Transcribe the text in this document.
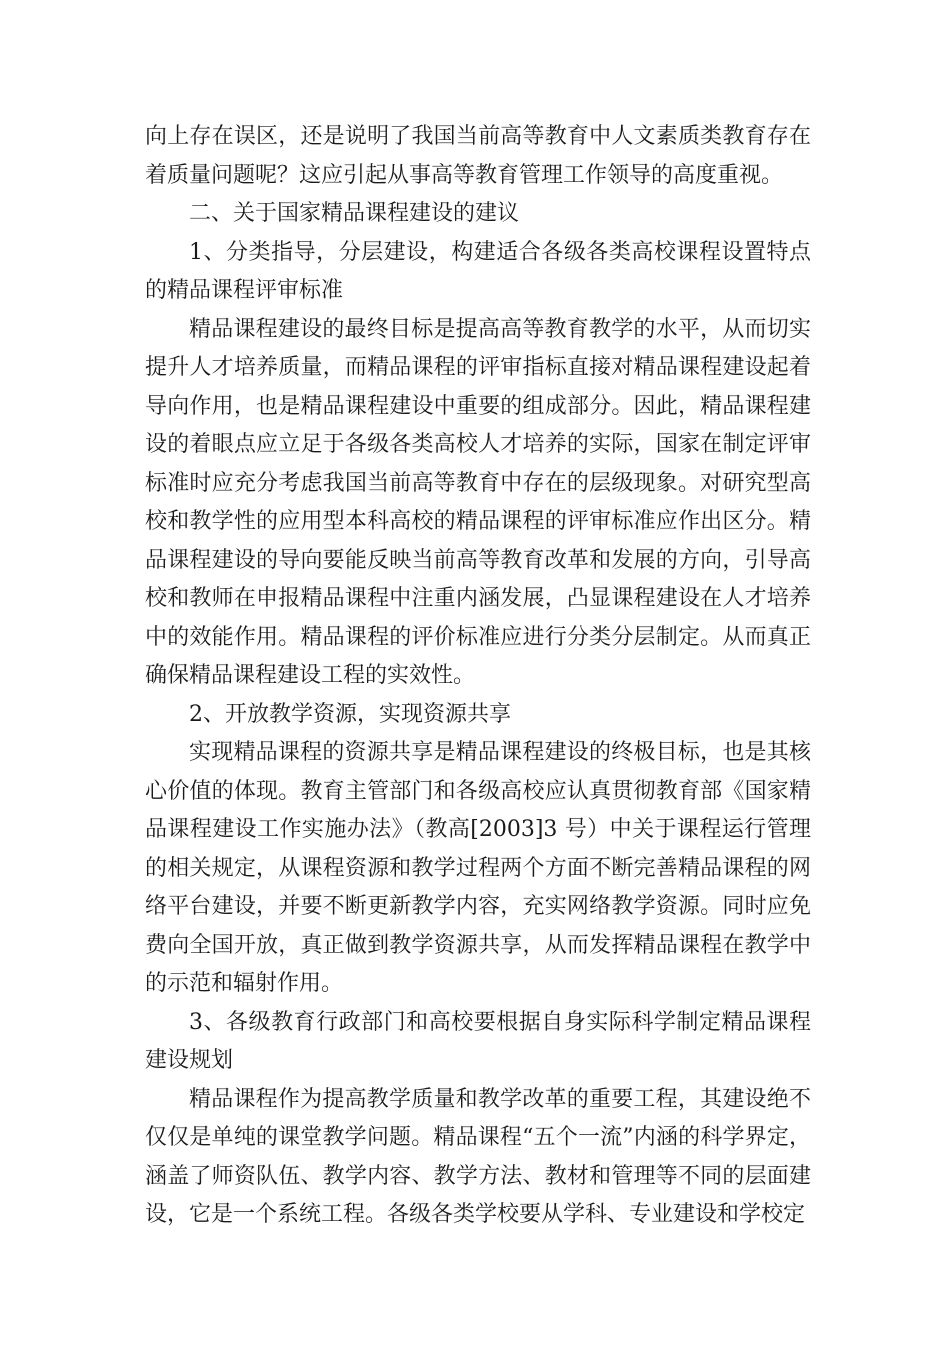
向上存在误区，还是说明了我国当前高等教育中人文素质类教育存在着质量问题呢？这应引起从事高等教育管理工作领导的高度重视。

二、关于国家精品课程建设的建议

1、分类指导，分层建设，构建适合各级各类高校课程设置特点的精品课程评审标准

精品课程建设的最终目标是提高高等教育教学的水平，从而切实提升人才培养质量，而精品课程的评审指标直接对精品课程建设起着导向作用，也是精品课程建设中重要的组成部分。因此，精品课程建设的着眼点应立足于各级各类高校人才培养的实际，国家在制定评审标准时应充分考虑我国当前高等教育中存在的层级现象。对研究型高校和教学性的应用型本科高校的精品课程的评审标准应作出区分。精品课程建设的导向要能反映当前高等教育改革和发展的方向，引导高校和教师在申报精品课程中注重内涵发展，凸显课程建设在人才培养中的效能作用。精品课程的评价标准应进行分类分层制定。从而真正确保精品课程建设工程的实效性。

2、开放教学资源，实现资源共享

实现精品课程的资源共享是精品课程建设的终极目标，也是其核心价值的体现。教育主管部门和各级高校应认真贯彻教育部《国家精品课程建设工作实施办法》（教高[2003]3 号）中关于课程运行管理的相关规定，从课程资源和教学过程两个方面不断完善精品课程的网络平台建设，并要不断更新教学内容，充实网络教学资源。同时应免费向全国开放，真正做到教学资源共享，从而发挥精品课程在教学中的示范和辐射作用。

3、各级教育行政部门和高校要根据自身实际科学制定精品课程建设规划

精品课程作为提高教学质量和教学改革的重要工程，其建设绝不仅仅是单纯的课堂教学问题。精品课程“五个一流”内涵的科学界定，涵盖了师资队伍、教学内容、教学方法、教材和管理等不同的层面建设，它是一个系统工程。各级各类学校要从学科、专业建设和学校定
